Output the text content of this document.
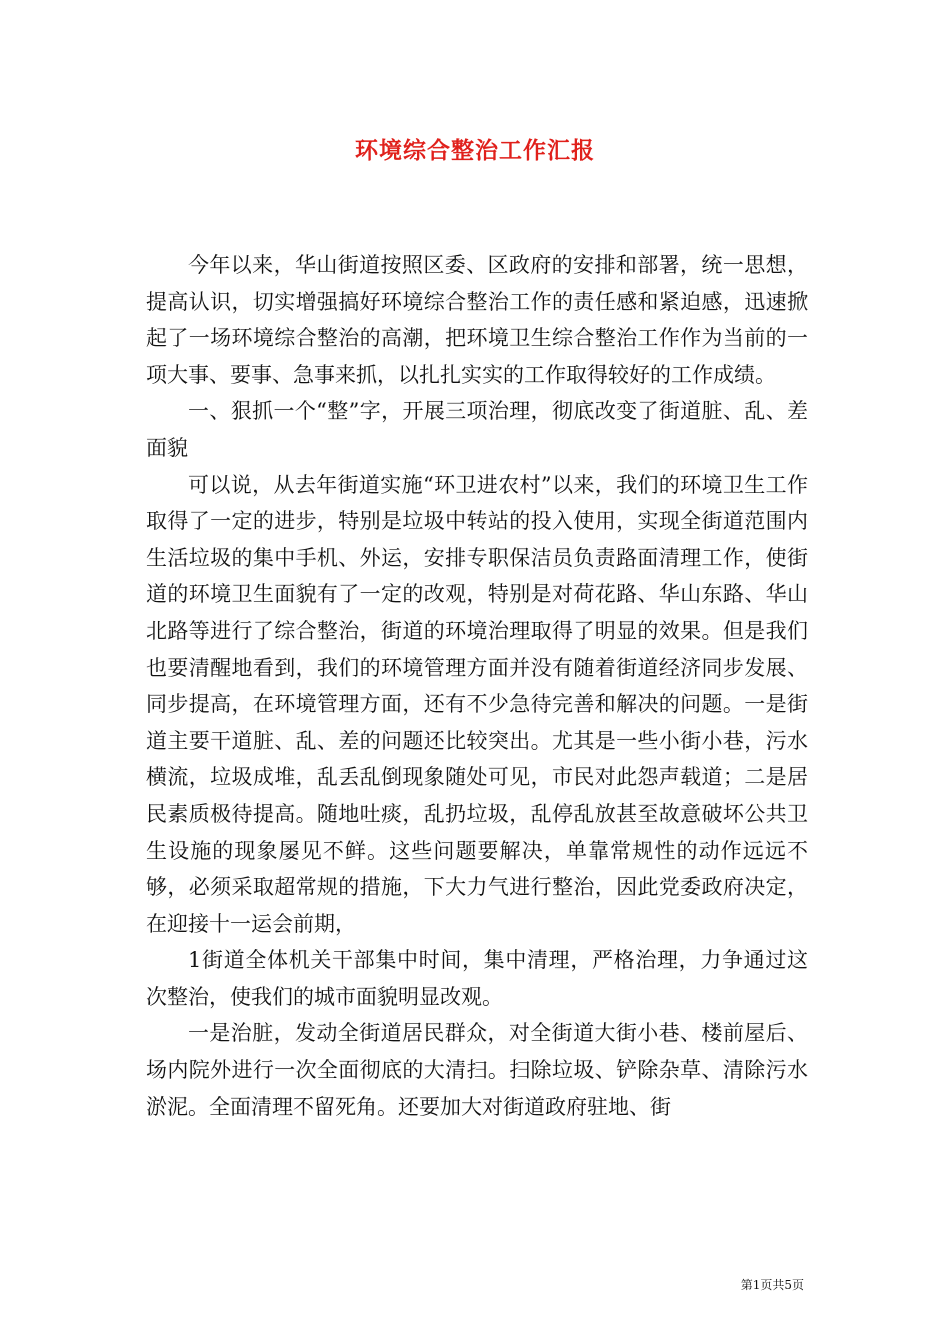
环境综合整治工作汇报

今年以来，华山街道按照区委、区政府的安排和部署，统一思想，提高认识，切实增强搞好环境综合整治工作的责任感和紧迫感，迅速掀起了一场环境综合整治的高潮，把环境卫生综合整治工作作为当前的一项大事、要事、急事来抓，以扎扎实实的工作取得较好的工作成绩。

一、狠抓一个“整”字，开展三项治理，彻底改变了街道脏、乱、差面貌

可以说，从去年街道实施“环卫进农村”以来，我们的环境卫生工作取得了一定的进步，特别是垃圾中转站的投入使用，实现全街道范围内生活垃圾的集中手机、外运，安排专职保洁员负责路面清理工作，使街道的环境卫生面貌有了一定的改观，特别是对荷花路、华山东路、华山北路等进行了综合整治，街道的环境治理取得了明显的效果。但是我们也要清醒地看到，我们的环境管理方面并没有随着街道经济同步发展、同步提高，在环境管理方面，还有不少急待完善和解决的问题。一是街道主要干道脏、乱、差的问题还比较突出。尤其是一些小街小巷，污水横流，垃圾成堆，乱丢乱倒现象随处可见，市民对此怨声载道；二是居民素质极待提高。随地吐痰，乱扔垃圾，乱停乱放甚至故意破坏公共卫生设施的现象屡见不鲜。这些问题要解决，单靠常规性的动作远远不够，必须采取超常规的措施，下大力气进行整治，因此党委政府决定，在迎接十一运会前期，

1街道全体机关干部集中时间，集中清理，严格治理，力争通过这次整治，使我们的城市面貌明显改观。

一是治脏，发动全街道居民群众，对全街道大街小巷、楼前屋后、场内院外进行一次全面彻底的大清扫。扫除垃圾、铲除杂草、清除污水淤泥。全面清理不留死角。还要加大对街道政府驻地、街

第1页共5页
